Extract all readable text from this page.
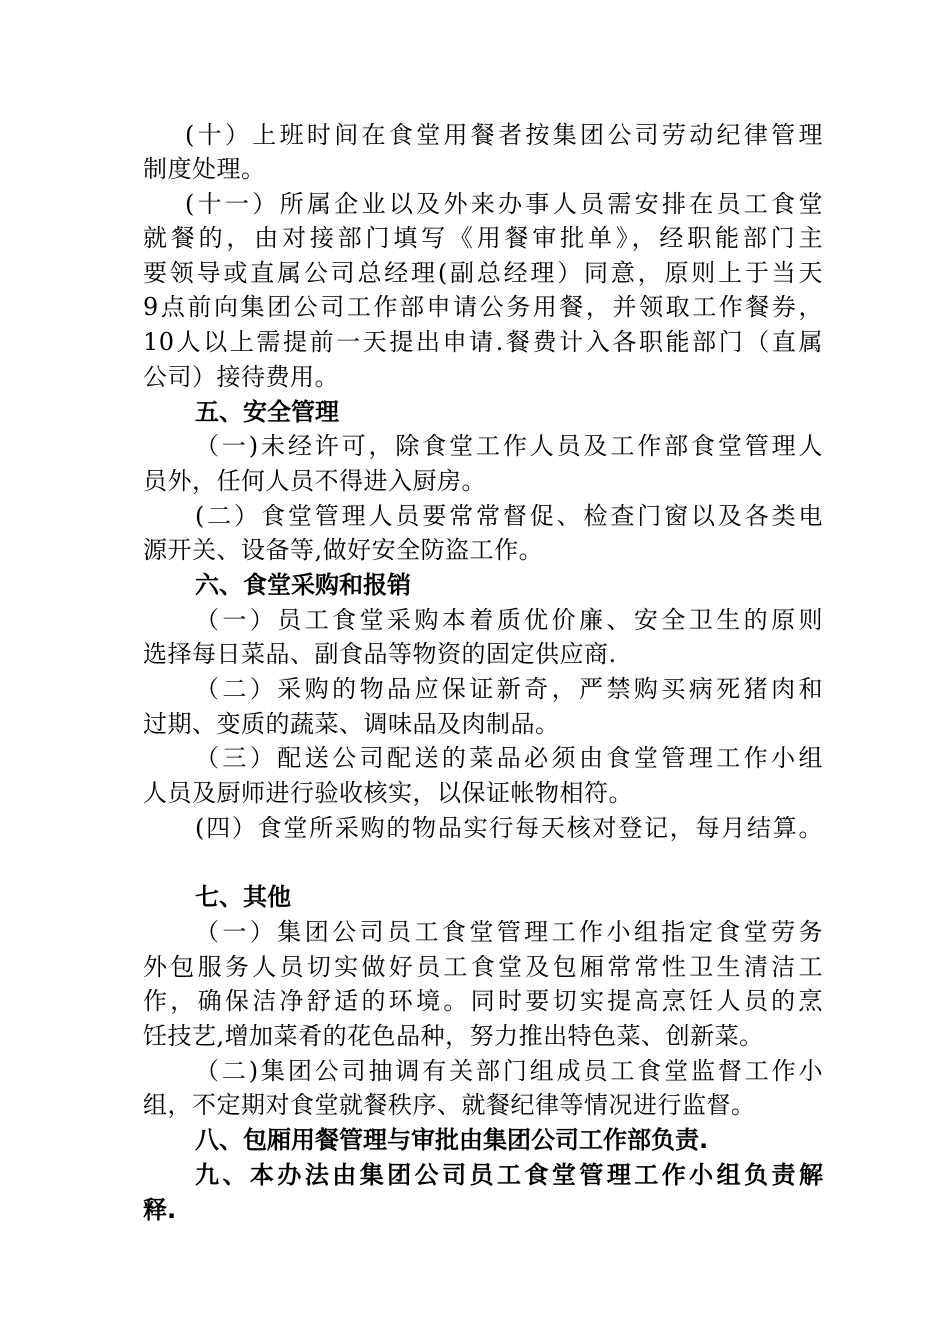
(十）上班时间在食堂用餐者按集团公司劳动纪律管理
制度处理。
(十一）所属企业以及外来办事人员需安排在员工食堂
就餐的，由对接部门填写《用餐审批单》，经职能部门主
要领导或直属公司总经理(副总经理）同意，原则上于当天
9点前向集团公司工作部申请公务用餐，并领取工作餐券，
10人以上需提前一天提出申请.餐费计入各职能部门（直属
公司）接待费用。
五、安全管理
（一)未经许可，除食堂工作人员及工作部食堂管理人
员外，任何人员不得进入厨房。
(二）食堂管理人员要常常督促、检查门窗以及各类电
源开关、设备等,做好安全防盗工作。
六、食堂采购和报销
（一）员工食堂采购本着质优价廉、安全卫生的原则
选择每日菜品、副食品等物资的固定供应商.
（二）采购的物品应保证新奇，严禁购买病死猪肉和
过期、变质的蔬菜、调味品及肉制品。
（三）配送公司配送的菜品必须由食堂管理工作小组
人员及厨师进行验收核实，以保证帐物相符。
(四）食堂所采购的物品实行每天核对登记，每月结算。
七、其他
（一）集团公司员工食堂管理工作小组指定食堂劳务
外包服务人员切实做好员工食堂及包厢常常性卫生清洁工
作，确保洁净舒适的环境。同时要切实提高烹饪人员的烹
饪技艺,增加菜肴的花色品种，努力推出特色菜、创新菜。
（二)集团公司抽调有关部门组成员工食堂监督工作小
组，不定期对食堂就餐秩序、就餐纪律等情况进行监督。
八、包厢用餐管理与审批由集团公司工作部负责.
九、本办法由集团公司员工食堂管理工作小组负责解
释.
